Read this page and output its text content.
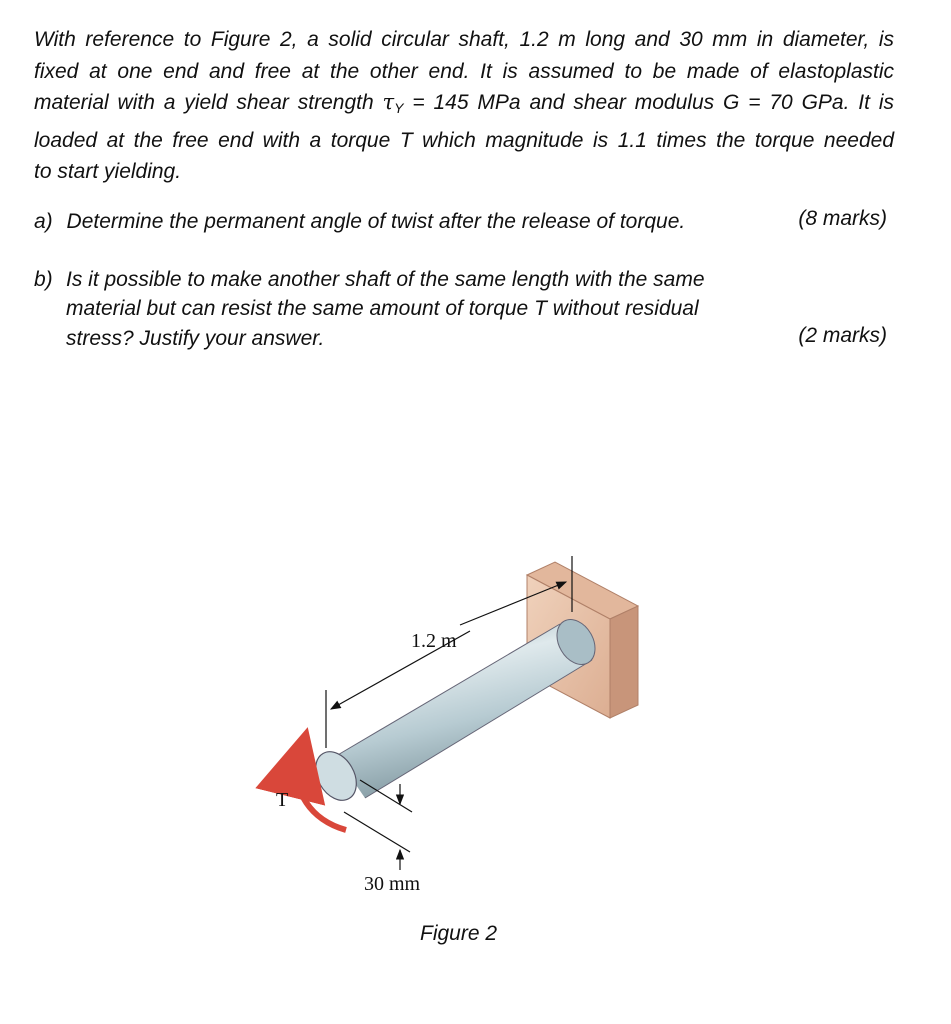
With reference to Figure 2, a solid circular shaft, 1.2 m long and 30 mm in diameter, is
fixed at one end and free at the other end. It is assumed to be made of elastoplastic
material with a yield shear strength $\tau_Y = 145$ MPa and shear modulus G = 70 GPa. It is
loaded at the free end with a torque T which magnitude is 1.1 times the torque needed
to start yielding.
a) Determine the permanent angle of twist after the release of torque.	(8 marks)
b) Is it possible to make another shaft of the same length with the same
material but can resist the same amount of torque T without residual
stress? Justify your answer.	(2 marks)
1.2 m
30 mm
T
Figure 2
